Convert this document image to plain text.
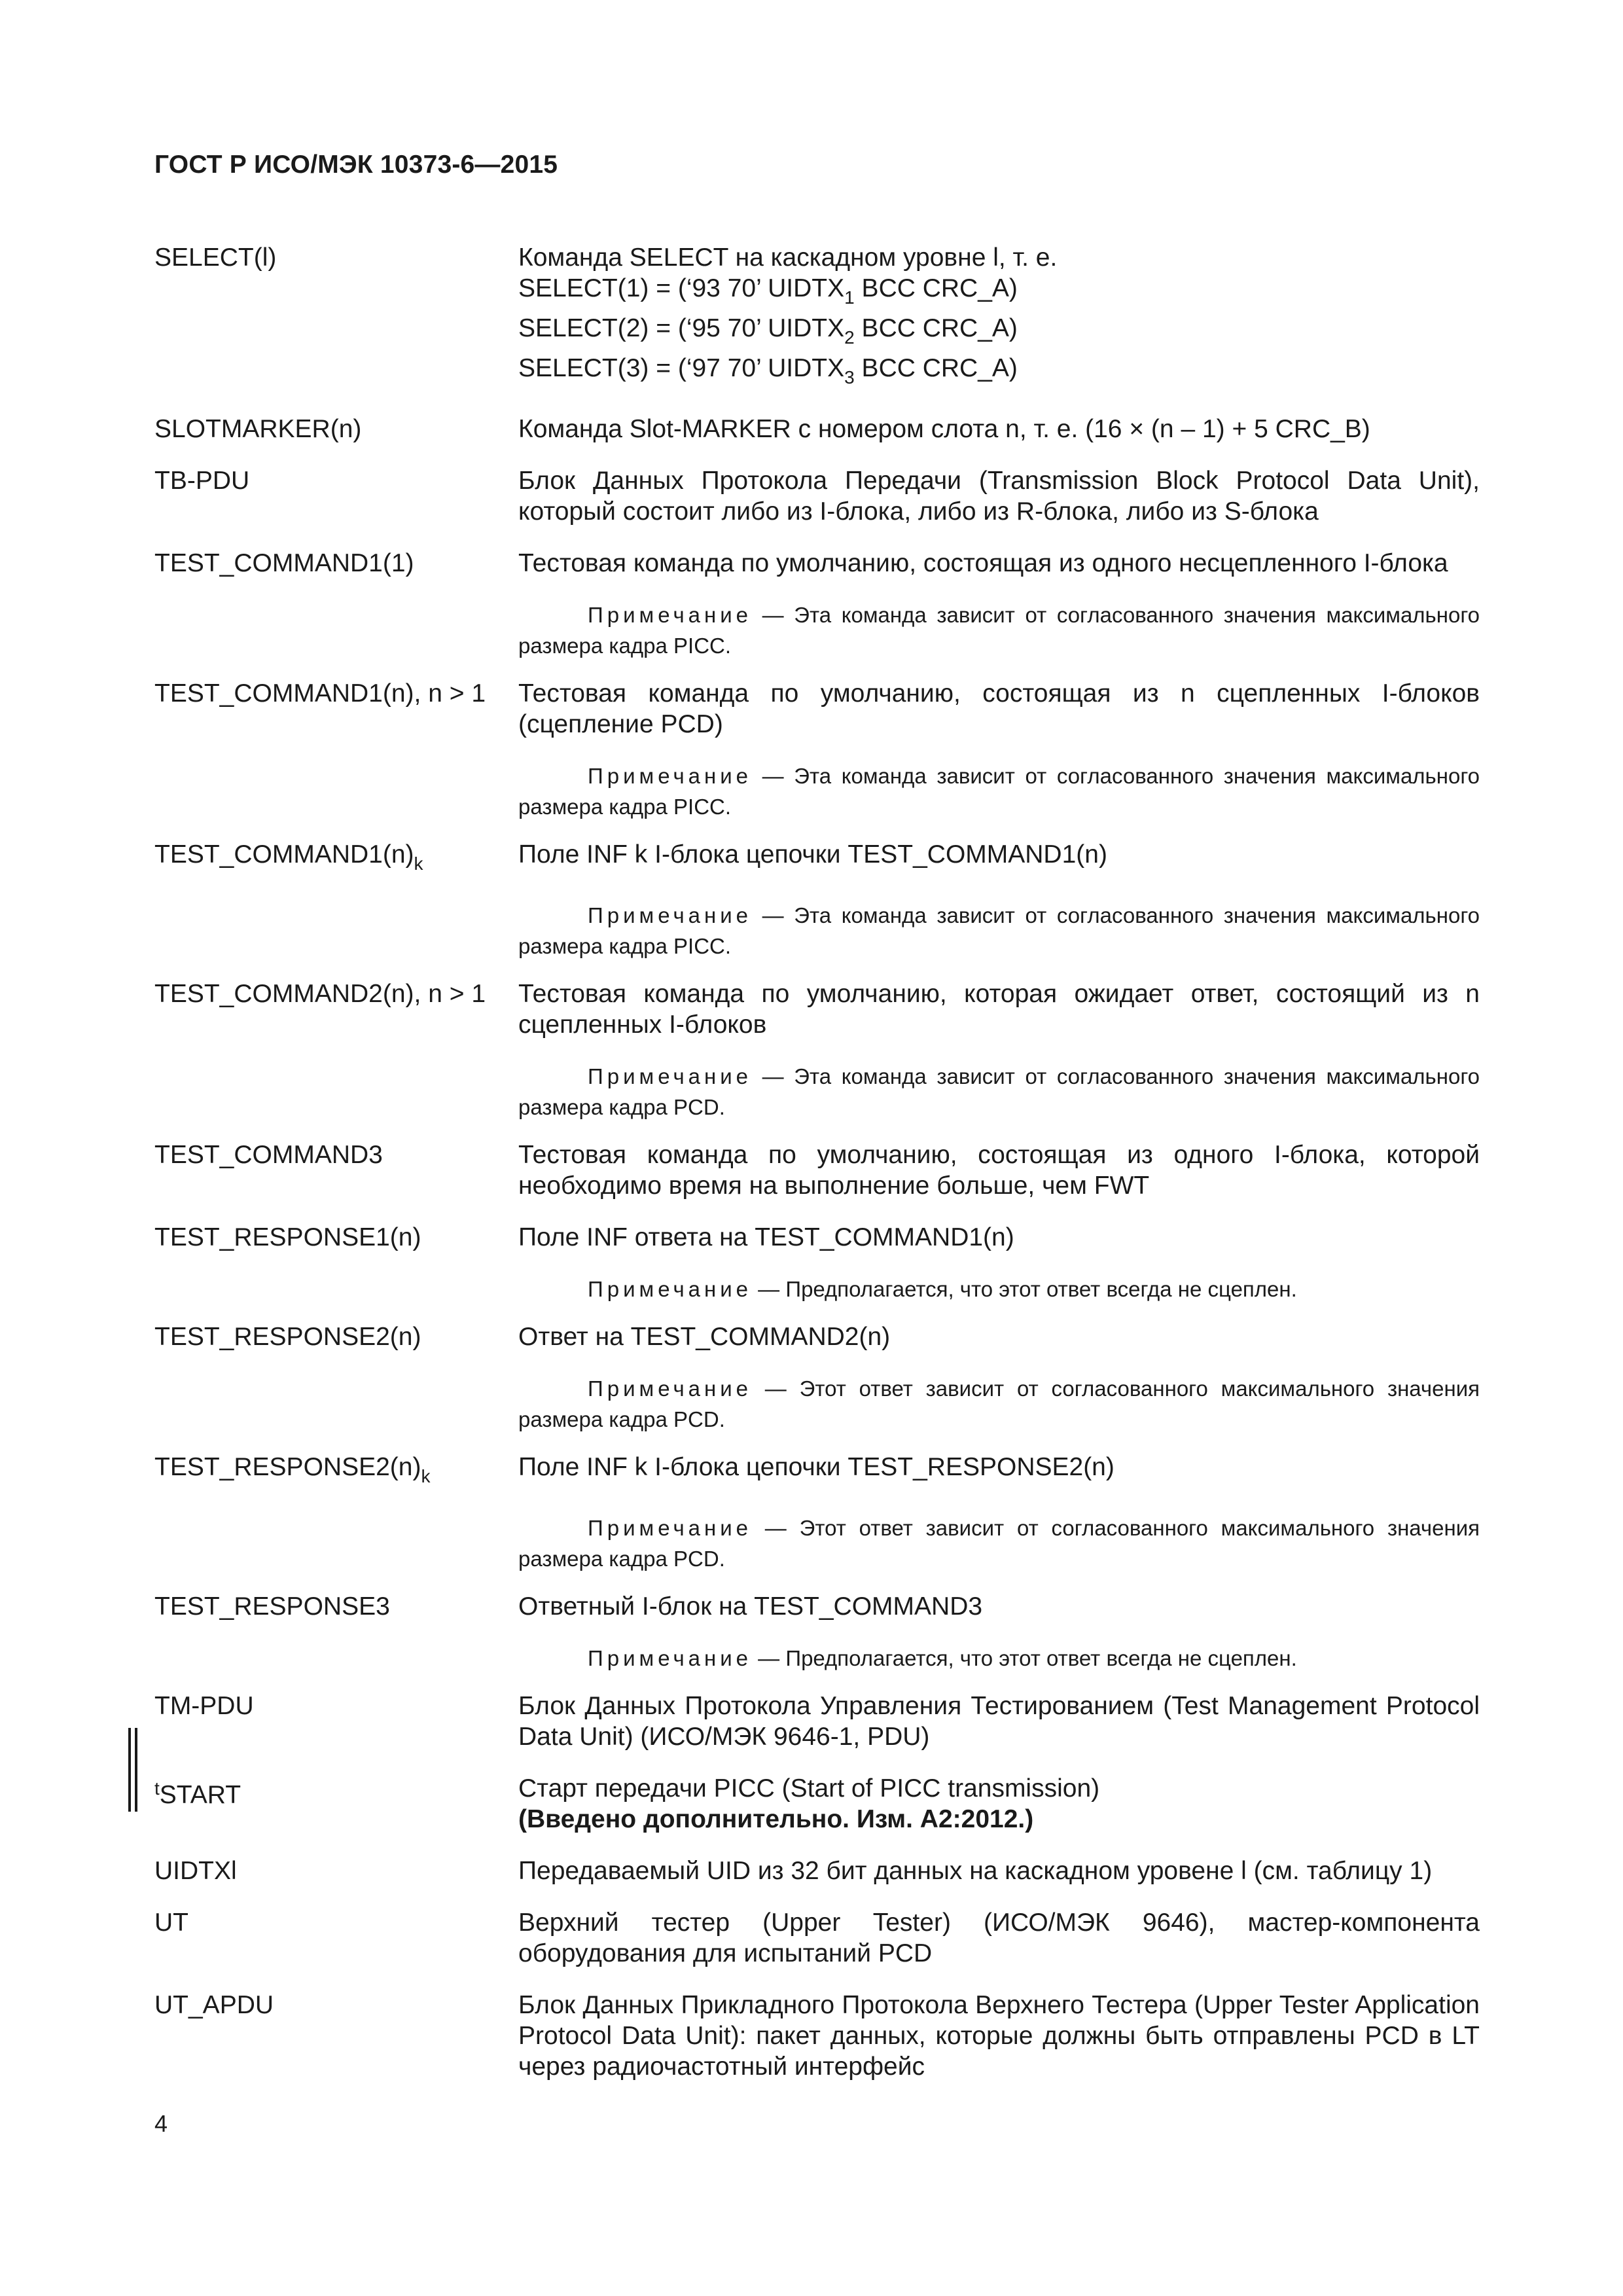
ГОСТ Р ИСО/МЭК 10373-6—2015
SELECT(l)	Команда SELECT на каскадном уровне l, т. е.
SELECT(1) = (‘93 70’ $UIDTX_1$ BCC CRC_A)
SELECT(2) = (‘95 70’ $UIDTX_2$ BCC CRC_A)
SELECT(3) = (‘97 70’ $UIDTX_3$ BCC CRC_A)
SLOTMARKER(n)	Команда Slot-MARKER с номером слота n, т. е. (16 × (n – 1) + 5 CRC_B)
TB-PDU	Блок Данных Протокола Передачи (Transmission Block Protocol Data Unit), который состоит либо из I-блока, либо из R-блока, либо из S-блока
TEST_COMMAND1(1)	Тестовая команда по умолчанию, состоящая из одного несцепленного I-блока
Примечание — Эта команда зависит от согласованного значения максимального размера кадра PICC.
TEST_COMMAND1(n), n > 1	Тестовая команда по умолчанию, состоящая из n сцепленных I-блоков (сцепление PCD)
Примечание — Эта команда зависит от согласованного значения максимального размера кадра PICC.
$TEST\_COMMAND1(n)_k$	Поле INF k I-блока цепочки TEST_COMMAND1(n)
Примечание — Эта команда зависит от согласованного значения максимального размера кадра PICC.
TEST_COMMAND2(n), n > 1	Тестовая команда по умолчанию, которая ожидает ответ, состоящий из n сцепленных I-блоков
Примечание — Эта команда зависит от согласованного значения максимального размера кадра PCD.
TEST_COMMAND3	Тестовая команда по умолчанию, состоящая из одного I-блока, которой необходимо время на выполнение больше, чем FWT
TEST_RESPONSE1(n)	Поле INF ответа на TEST_COMMAND1(n)
Примечание — Предполагается, что этот ответ всегда не сцеплен.
TEST_RESPONSE2(n)	Ответ на TEST_COMMAND2(n)
Примечание — Этот ответ зависит от согласованного максимального значения размера кадра PCD.
$TEST\_RESPONSE2(n)_k$	Поле INF k I-блока цепочки TEST_RESPONSE2(n)
Примечание — Этот ответ зависит от согласованного максимального значения размера кадра PCD.
TEST_RESPONSE3	Ответный I-блок на TEST_COMMAND3
Примечание — Предполагается, что этот ответ всегда не сцеплен.
TM-PDU	Блок Данных Протокола Управления Тестированием (Test Management Protocol Data Unit) (ИСО/МЭК 9646-1, PDU)
$^t$START	Старт передачи PICC (Start of PICC transmission)
(Введено дополнительно. Изм. А2:2012.)
UIDTXl	Передаваемый UID из 32 бит данных на каскадном уровене l (см. таблицу 1)
UT	Верхний тестер (Upper Tester) (ИСО/МЭК 9646), мастер-компонента оборудования для испытаний PCD
UT_APDU	Блок Данных Прикладного Протокола Верхнего Тестера (Upper Tester Application Protocol Data Unit): пакет данных, которые должны быть отправлены PCD в LT через радиочастотный интерфейс
4
